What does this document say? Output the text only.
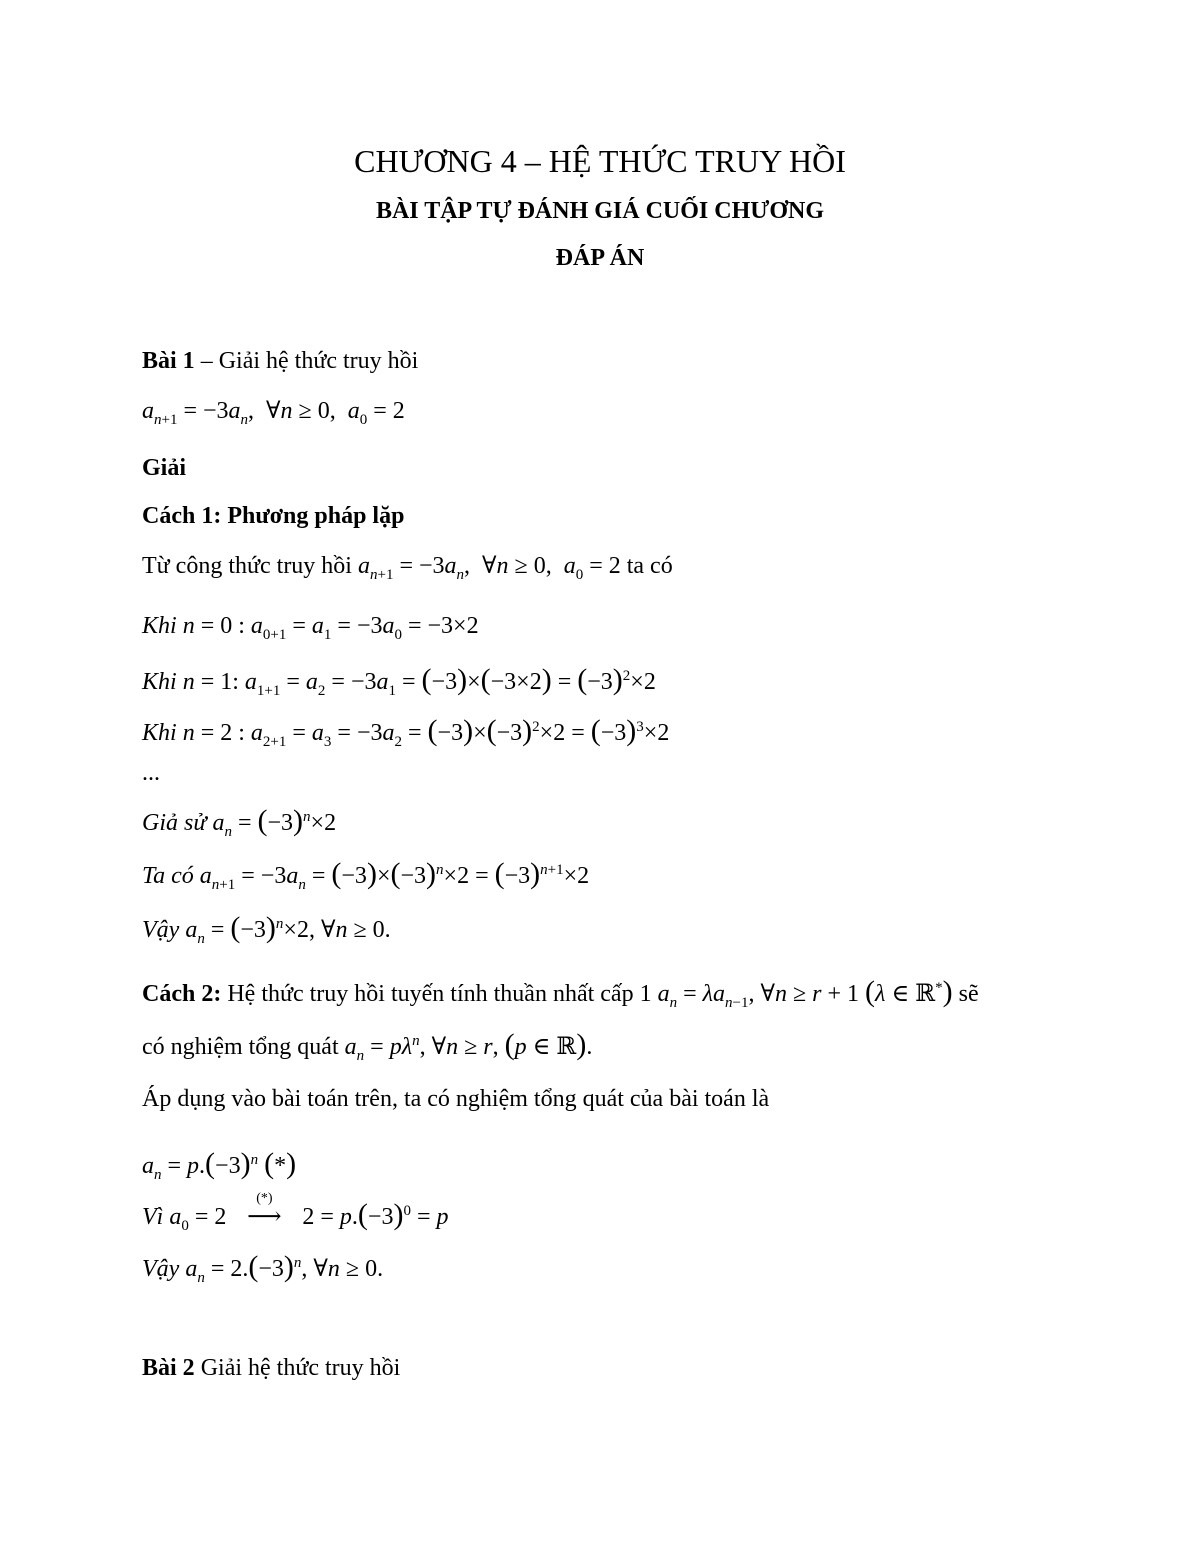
CHƯƠNG 4 – HỆ THỨC TRUY HỒI
BÀI TẬP TỰ ĐÁNH GIÁ CUỐI CHƯƠNG
ĐÁP ÁN
Bài 1 – Giải hệ thức truy hồi
$a_{n+1} = -3a_n$,  ∀n ≥ 0,  $a_0 = 2$
Giải
Cách 1: Phương pháp lặp
Từ công thức truy hồi $a_{n+1} = -3a_n$,  ∀n ≥ 0,  $a_0 = 2$ ta có
Khi n = 0 : $a_{0+1} = a_1 = -3a_0 = -3\times 2$
Khi n = 1: $a_{1+1} = a_2 = -3a_1 = (-3)\times(-3\times 2) = (-3)^2\times 2$
Khi n = 2 : $a_{2+1} = a_3 = -3a_2 = (-3)\times(-3)^2\times 2 = (-3)^3\times 2$
...
Giả sử $a_n = (-3)^n\times 2$
Ta có $a_{n+1} = -3a_n = (-3)\times(-3)^n\times 2 = (-3)^{n+1}\times 2$
Vậy $a_n = (-3)^n\times 2$, ∀n ≥ 0.
Cách 2: Hệ thức truy hồi tuyến tính thuần nhất cấp 1 $a_n = \lambda a_{n-1}$, ∀n ≥ r + 1 (λ ∈ ℝ*) sẽ
có nghiệm tổng quát $a_n = p\lambda^n$, ∀n ≥ r, (p ∈ ℝ).
Áp dụng vào bài toán trên, ta có nghiệm tổng quát của bài toán là
$a_n = p.(-3)^n$ (*)
Vì $a_0 = 2$
(*)
⟶ $2 = p.(-3)^0 = p$
Vậy $a_n = 2.(-3)^n$, ∀n ≥ 0.
Bài 2 Giải hệ thức truy hồi
